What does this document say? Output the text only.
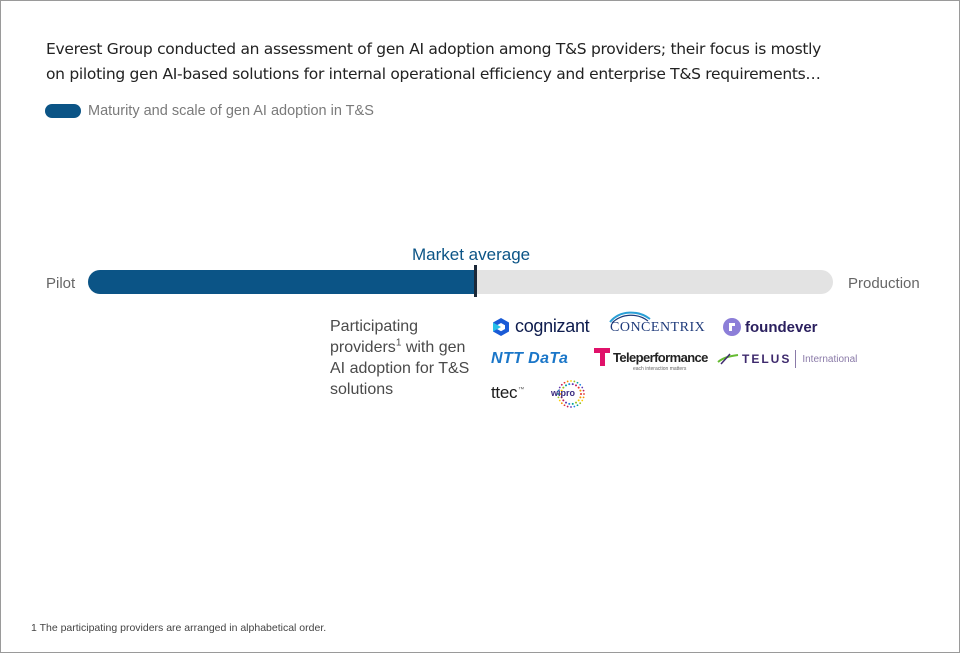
Everest Group conducted an assessment of gen AI adoption among T&S providers; their focus is mostly
on piloting gen AI-based solutions for internal operational efficiency and enterprise T&S requirements…
Maturity and scale of gen AI adoption in T&S
Market average
Pilot	Production
Participating providers$^1$ with gen AI adoption for T&S solutions
cognizant CONCENTRIX	foundever
NTT DaTa	Teleperformance
each interaction matters
TELUS International
ttec ™	wipro
1 The participating providers are arranged in alphabetical order.
